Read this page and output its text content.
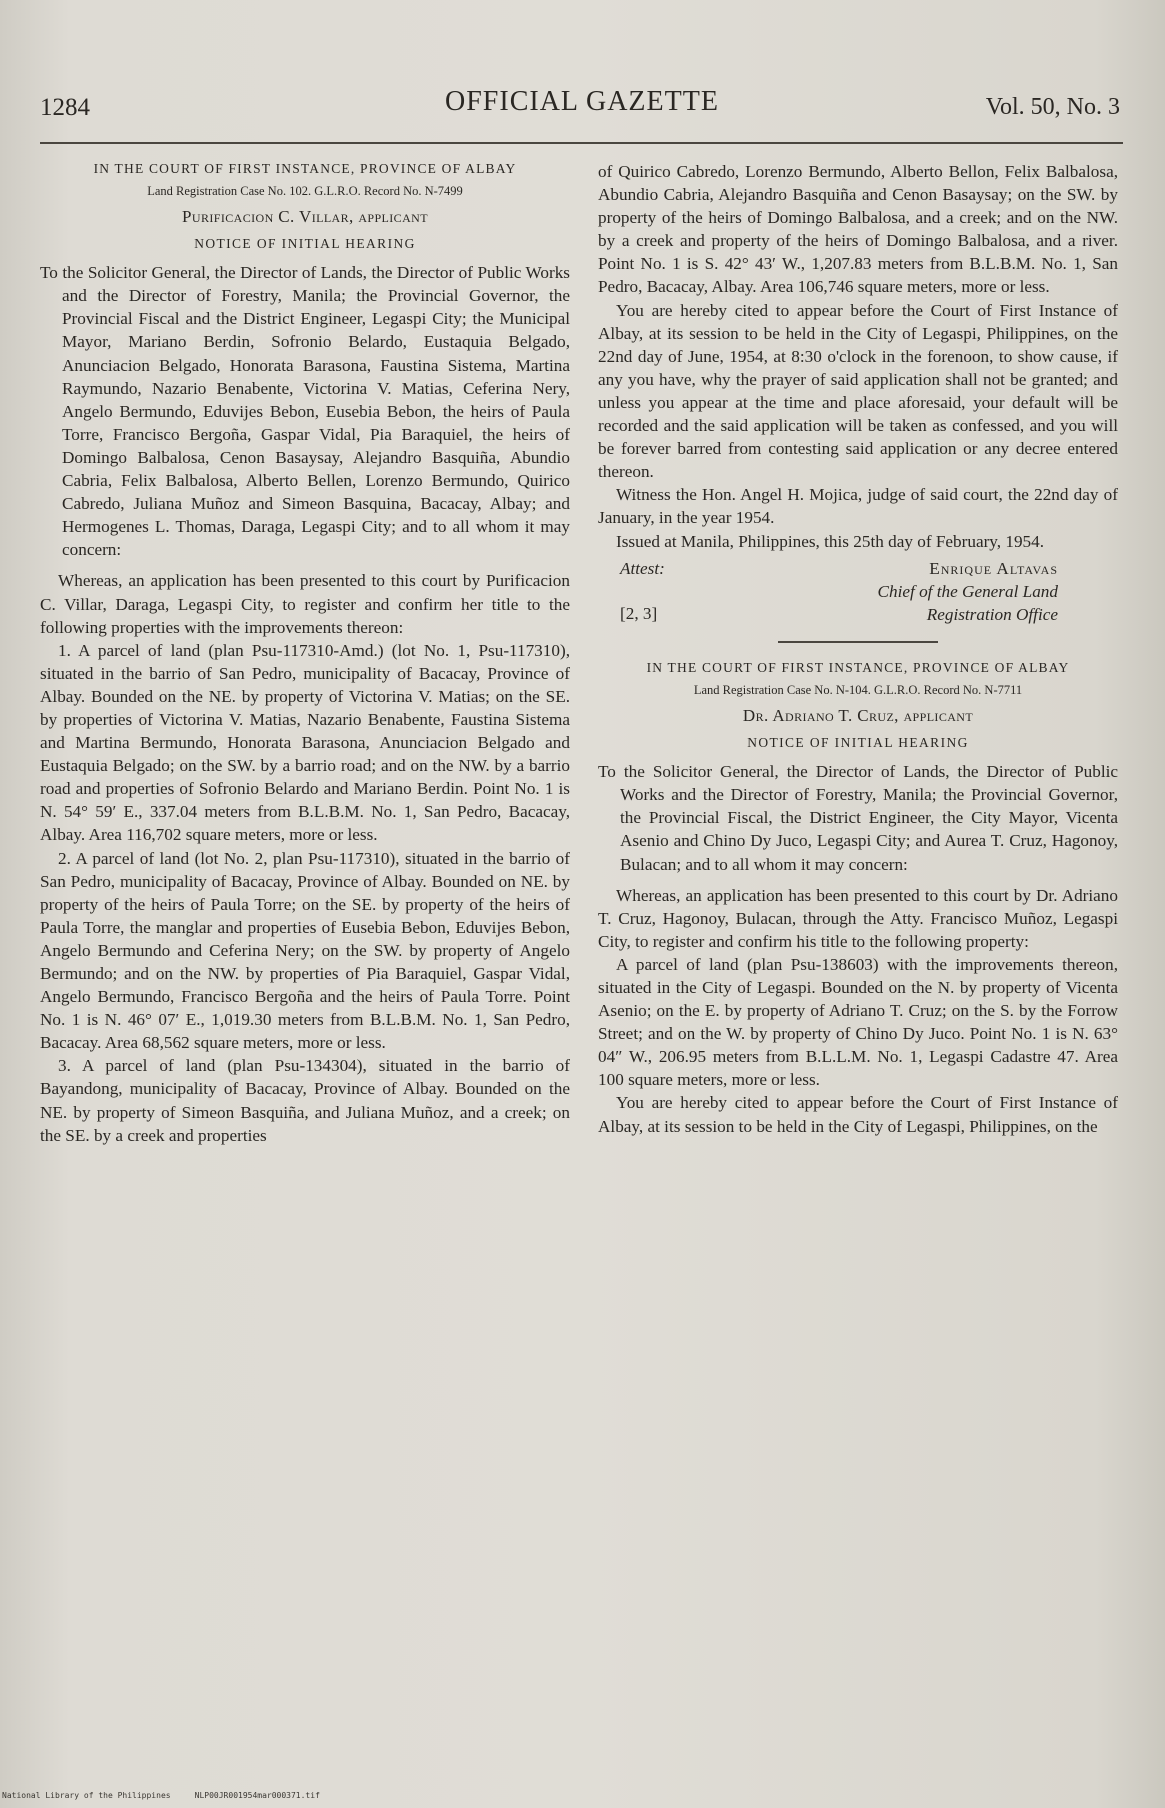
1284	OFFICIAL GAZETTE	Vol. 50, No. 3
IN THE COURT OF FIRST INSTANCE, PROVINCE OF ALBAY
Land Registration Case No. 102. G.L.R.O. Record No. N-7499
Purificacion C. Villar, applicant
NOTICE OF INITIAL HEARING

To the Solicitor General, the Director of Lands, the Director of Public Works and the Director of Forestry, Manila; the Provincial Governor, the Provincial Fiscal and the District Engineer, Legaspi City; the Municipal Mayor, Mariano Berdin, Sofronio Belardo, Eustaquia Belgado, Anunciacion Belgado, Honorata Barasona, Faustina Sistema, Martina Raymundo, Nazario Benabente, Victorina V. Matias, Ceferina Nery, Angelo Bermundo, Eduvijes Bebon, Eusebia Bebon, the heirs of Paula Torre, Francisco Bergoña, Gaspar Vidal, Pia Baraquiel, the heirs of Domingo Balbalosa, Cenon Basaysay, Alejandro Basquiña, Abundio Cabria, Felix Balbalosa, Alberto Bellen, Lorenzo Bermundo, Quirico Cabredo, Juliana Muñoz and Simeon Basquina, Bacacay, Albay; and Hermogenes L. Thomas, Daraga, Legaspi City; and to all whom it may concern:

Whereas, an application has been presented to this court by Purificacion C. Villar, Daraga, Legaspi City, to register and confirm her title to the following properties with the improvements thereon:

1. A parcel of land (plan Psu-117310-Amd.) (lot No. 1, Psu-117310), situated in the barrio of San Pedro, municipality of Bacacay, Province of Albay. Bounded on the NE. by property of Victorina V. Matias; on the SE. by properties of Victorina V. Matias, Nazario Benabente, Faustina Sistema and Martina Bermundo, Honorata Barasona, Anunciacion Belgado and Eustaquia Belgado; on the SW. by a barrio road; and on the NW. by a barrio road and properties of Sofronio Belardo and Mariano Berdin. Point No. 1 is N. 54° 59′ E., 337.04 meters from B.L.B.M. No. 1, San Pedro, Bacacay, Albay. Area 116,702 square meters, more or less.

2. A parcel of land (lot No. 2, plan Psu-117310), situated in the barrio of San Pedro, municipality of Bacacay, Province of Albay. Bounded on NE. by property of the heirs of Paula Torre; on the SE. by property of the heirs of Paula Torre, the manglar and properties of Eusebia Bebon, Eduvijes Bebon, Angelo Bermundo and Ceferina Nery; on the SW. by property of Angelo Bermundo; and on the NW. by properties of Pia Baraquiel, Gaspar Vidal, Angelo Bermundo, Francisco Bergoña and the heirs of Paula Torre. Point No. 1 is N. 46° 07′ E., 1,019.30 meters from B.L.B.M. No. 1, San Pedro, Bacacay. Area 68,562 square meters, more or less.

3. A parcel of land (plan Psu-134304), situated in the barrio of Bayandong, municipality of Bacacay, Province of Albay. Bounded on the NE. by property of Simeon Basquiña, and Juliana Muñoz, and a creek; on the SE. by a creek and properties

of Quirico Cabredo, Lorenzo Bermundo, Alberto Bellon, Felix Balbalosa, Abundio Cabria, Alejandro Basquiña and Cenon Basaysay; on the SW. by property of the heirs of Domingo Balbalosa, and a creek; and on the NW. by a creek and property of the heirs of Domingo Balbalosa, and a river. Point No. 1 is S. 42° 43′ W., 1,207.83 meters from B.L.B.M. No. 1, San Pedro, Bacacay, Albay. Area 106,746 square meters, more or less.

You are hereby cited to appear before the Court of First Instance of Albay, at its session to be held in the City of Legaspi, Philippines, on the 22nd day of June, 1954, at 8:30 o'clock in the forenoon, to show cause, if any you have, why the prayer of said application shall not be granted; and unless you appear at the time and place aforesaid, your default will be recorded and the said application will be taken as confessed, and you will be forever barred from contesting said application or any decree entered thereon.

Witness the Hon. Angel H. Mojica, judge of said court, the 22nd day of January, in the year 1954.

Issued at Manila, Philippines, this 25th day of February, 1954.

Attest:	Enrique Altavas
Chief of the General Land
Registration Office
[2, 3]
IN THE COURT OF FIRST INSTANCE, PROVINCE OF ALBAY
Land Registration Case No. N-104. G.L.R.O. Record No. N-7711
Dr. Adriano T. Cruz, applicant
NOTICE OF INITIAL HEARING

To the Solicitor General, the Director of Lands, the Director of Public Works and the Director of Forestry, Manila; the Provincial Governor, the Provincial Fiscal, the District Engineer, the City Mayor, Vicenta Asenio and Chino Dy Juco, Legaspi City; and Aurea T. Cruz, Hagonoy, Bulacan; and to all whom it may concern:

Whereas, an application has been presented to this court by Dr. Adriano T. Cruz, Hagonoy, Bulacan, through the Atty. Francisco Muñoz, Legaspi City, to register and confirm his title to the following property:

A parcel of land (plan Psu-138603) with the improvements thereon, situated in the City of Legaspi. Bounded on the N. by property of Vicenta Asenio; on the E. by property of Adriano T. Cruz; on the S. by the Forrow Street; and on the W. by property of Chino Dy Juco. Point No. 1 is N. 63° 04″ W., 206.95 meters from B.L.L.M. No. 1, Legaspi Cadastre 47. Area 100 square meters, more or less.

You are hereby cited to appear before the Court of First Instance of Albay, at its session to be held in the City of Legaspi, Philippines, on the

National Library of the Philippines     NLP00JR001954mar000371.tif
